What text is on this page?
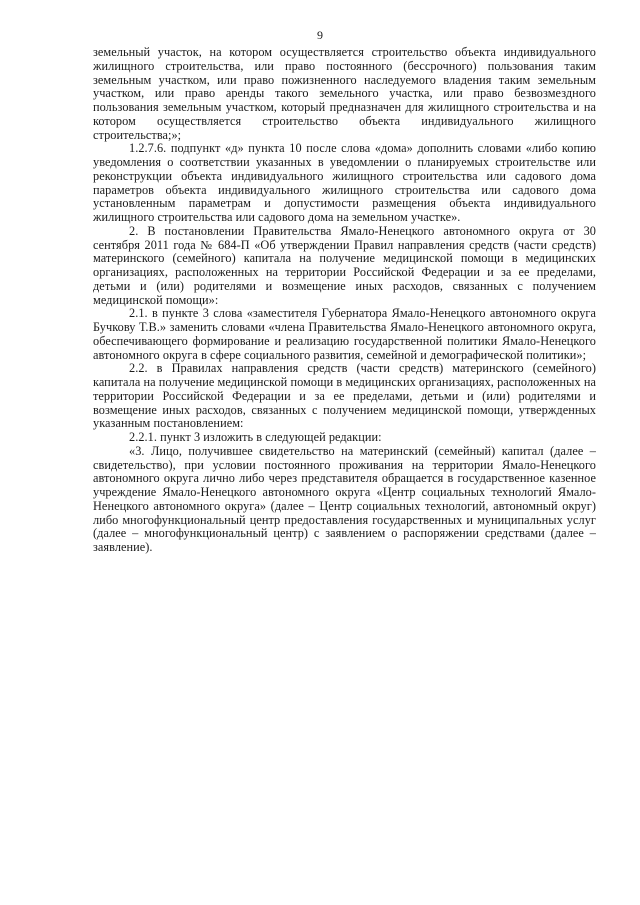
9

земельный участок, на котором осуществляется строительство объекта индивидуального жилищного строительства, или право постоянного (бессрочного) пользования таким земельным участком, или право пожизненного наследуемого владения таким земельным участком, или право аренды такого земельного участка, или право безвозмездного пользования земельным участком, который предназначен для жилищного строительства и на котором осуществляется строительство объекта индивидуального жилищного строительства;»;

1.2.7.6. подпункт «д» пункта 10 после слова «дома» дополнить словами «либо копию уведомления о соответствии указанных в уведомлении о планируемых строительстве или реконструкции объекта индивидуального жилищного строительства или садового дома параметров объекта индивидуального жилищного строительства или садового дома установленным параметрам и допустимости размещения объекта индивидуального жилищного строительства или садового дома на земельном участке».

2. В постановлении Правительства Ямало-Ненецкого автономного округа от 30 сентября 2011 года № 684-П «Об утверждении Правил направления средств (части средств) материнского (семейного) капитала на получение медицинской помощи в медицинских организациях, расположенных на территории Российской Федерации и за ее пределами, детьми и (или) родителями и возмещение иных расходов, связанных с получением медицинской помощи»:

2.1. в пункте 3 слова «заместителя Губернатора Ямало-Ненецкого автономного округа Бучкову Т.В.» заменить словами «члена Правительства Ямало-Ненецкого автономного округа, обеспечивающего формирование и реализацию государственной политики Ямало-Ненецкого автономного округа в сфере социального развития, семейной и демографической политики»;

2.2. в Правилах направления средств (части средств) материнского (семейного) капитала на получение медицинской помощи в медицинских организациях, расположенных на территории Российской Федерации и за ее пределами, детьми и (или) родителями и возмещение иных расходов, связанных с получением медицинской помощи, утвержденных указанным постановлением:

2.2.1. пункт 3 изложить в следующей редакции:

«3. Лицо, получившее свидетельство на материнский (семейный) капитал (далее – свидетельство), при условии постоянного проживания на территории Ямало-Ненецкого автономного округа лично либо через представителя обращается в государственное казенное учреждение Ямало-Ненецкого автономного округа «Центр социальных технологий Ямало-Ненецкого автономного округа» (далее – Центр социальных технологий, автономный округ) либо многофункциональный центр предоставления государственных и муниципальных услуг (далее – многофункциональный центр) с заявлением о распоряжении средствами (далее – заявление).
